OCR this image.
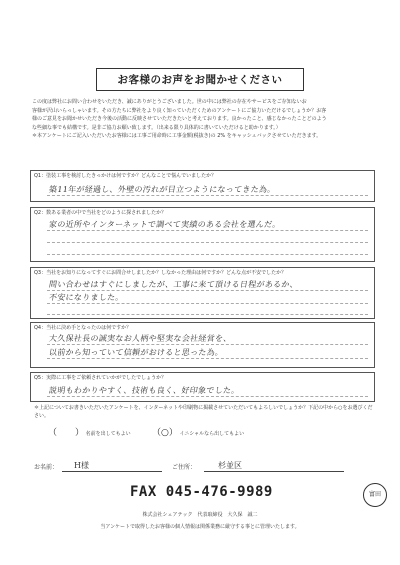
お客様のお声をお聞かせください
この度は弊社にお問い合わせをいただき、誠にありがとうございました。世の中には弊社の存在やサービスをご存知ないお
客様が沢山いらっしゃいます。その方たちに弊社をより良く知っていただくためのアンケートにご協力いただけるでしょうか？お客
様のご意見をお聞かせいただき今後の活動に反映させていただきたいと考えております。良かったこと、感じなかったことどのよう
な些細な事でも結構です。是非ご協力お願い致します。（出来る限り具体的に書いていただけると助かります。）
＊本アンケートにご記入いただいたお客様には工事ご用命時に工事金額(税抜き)の 2% をキャッシュバックさせていただきます。
Q1：塗装工事を検討したきっかけは何ですか？どんなことで悩んでいましたか？
築11年が経過し、外壁の汚れが目立つようになってきた為。
Q2：数ある業者の中で当社をどのように探されましたか？
家の近所やインターネットで調べて実績のある会社を選んだ。
Q3：当社をお知りになってすぐにお問合せしましたか？しなかった理由は何ですか？どんな点が不安でしたか？
問い合わせはすぐにしましたが、工事に来て頂ける日程があるか、
不安になりました。
Q4：当社に決め手となったのは何ですか？
大久保社長の誠実なお人柄や堅実な会社経営を、
以前から知っていて信頼がおけると思った為。
Q5：実際に工事をご依頼されていかがでしたでしょうか？
説明もわかりやすく、技術も良く、好印象でした。
＊上記についてお書きいただいたアンケートを、インターネットや印刷物に掲載させていただいてもよろしいでしょうか？下記の中から○をお選びください。
（　　） 名前を出してもよい （○） イニシャルなら出してもよい
お名前： H様	ご住所：	杉並区
FAX 045-476-9989	富田
株式会社シェアテック　代表取締役　大久保　誠二
当アンケートで取得したお客様の個人情報は関係業務に厳守する事とに管理いたします。
